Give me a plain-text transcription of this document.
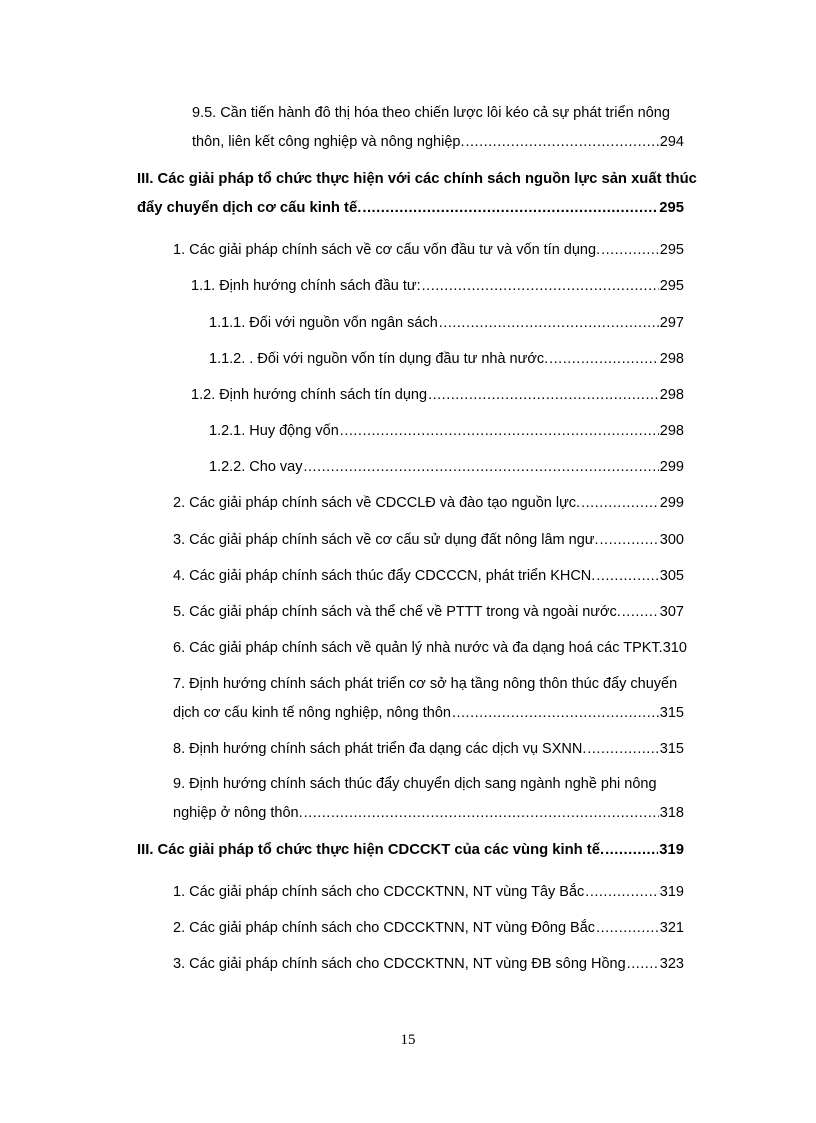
9.5. Cần tiến hành đô thị hóa theo chiến lược lôi kéo cả sự phát triển nông
thôn, liên kết công nghiệp và nông nghiệp. .....	294
III. Các giải pháp tổ chức thực hiện với các chính sách nguồn lực sản xuất thúc
đẩy chuyển dịch cơ cấu kinh tế. .....	295
1. Các giải pháp chính sách về cơ cấu vốn đầu tư và vốn tín dụng. .....	295
1.1. Định hướng chính sách đầu tư: .....	295
1.1.1. Đối với nguồn vốn ngân sách .....	297
1.1.2. . Đối với nguồn vốn tín dụng đầu tư nhà nước. .....	298
1.2. Định hướng chính sách tín dụng .....	298
1.2.1. Huy động vốn .....	298
1.2.2. Cho vay .....	299
2. Các giải pháp chính sách về CDCCLĐ và đào tạo nguồn lực. .....	299
3. Các giải pháp chính sách về cơ cấu sử dụng đất nông lâm ngư. .....	300
4. Các giải pháp chính sách thúc đẩy CDCCCN, phát triển KHCN. .....	305
5. Các giải pháp chính sách và thể chế về PTTT trong và ngoài nước. .....	307
6. Các giải pháp chính sách về quản lý nhà nước và đa dạng hoá các TPKT.310
7. Định hướng chính sách phát triển cơ sở hạ tầng nông thôn thúc đẩy chuyển
dịch cơ cấu kinh tế nông nghiệp, nông thôn .....	315
8. Định hướng chính sách phát triển đa dạng các dịch vụ SXNN. .....	315
9. Định hướng chính sách thúc đẩy chuyển dịch sang ngành nghề phi nông
nghiệp ở nông thôn. .....	318
III. Các giải pháp tổ chức thực hiện CDCCKT của các vùng kinh tế. .....	319
1. Các giải pháp chính sách cho CDCCKTNN, NT vùng Tây Bắc .....	319
2. Các giải pháp chính sách cho CDCCKTNN, NT vùng Đông Bắc .....	321
3. Các giải pháp chính sách cho CDCCKTNN, NT vùng ĐB sông Hồng ..... 323
15
